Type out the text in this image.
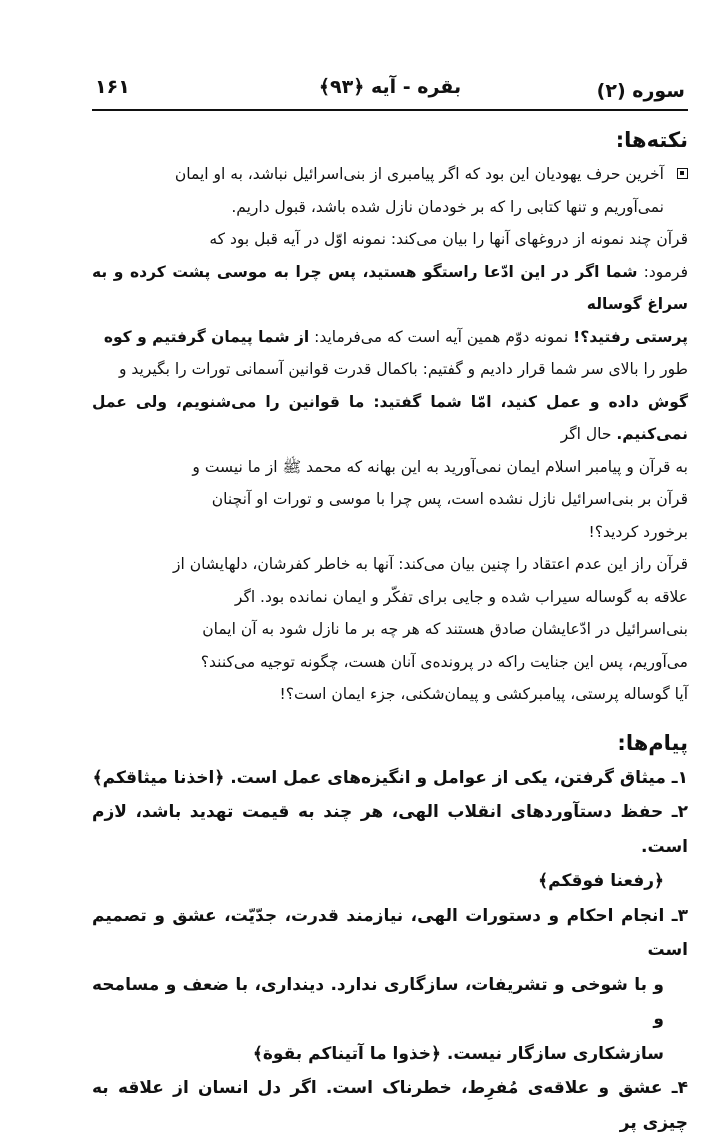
سوره (۲)
بقره - آیه ﴿۹۳﴾
۱۶۱
نکته‌ها:

آخرین حرف یهودیان این بود که اگر پیامبری از بنی‌اسرائیل نباشد، به او ایمان

نمی‌آوریم و تنها کتابی را که بر خودمان نازل شده باشد، قبول داریم.

قرآن چند نمونه از دروغهای آنها را بیان می‌کند: نمونه اوّل در آیه قبل بود که

فرمود: شما اگر در این ادّعا راستگو هستید، پس چرا به موسی پشت کرده و به سراغ گوساله

پرستی رفتید؟! نمونه دوّم همین آیه است که می‌فرماید: از شما پیمان گرفتیم و کوه

طور را بالای سر شما قرار دادیم و گفتیم: باکمال قدرت قوانین آسمانی تورات را بگیرید و

گوش داده و عمل کنید، امّا شما گفتید: ما قوانین را می‌شنویم، ولی عمل نمی‌کنیم. حال اگر

به قرآن و پیامبر اسلام ایمان نمی‌آورید به این بهانه که محمد ﷺ از ما نیست و

قرآن بر بنی‌اسرائیل نازل نشده است، پس چرا با موسی و تورات او آنچنان

برخورد کردید؟!

قرآن راز این عدم اعتقاد را چنین بیان می‌کند: آنها به خاطر کفرشان، دلهایشان از

علاقه به گوساله سیراب شده و جایی برای تفکّر و ایمان نمانده بود. اگر

بنی‌اسرائیل در ادّعایشان صادق هستند که هر چه بر ما نازل شود به آن ایمان

می‌آوریم، پس این جنایت راکه در پرونده‌ی آنان هست، چگونه توجیه می‌کنند؟

آیا گوساله پرستی، پیامبرکشی و پیمان‌شکنی، جزء ایمان است؟!

پیام‌ها:

۱ـ میثاق گرفتن، یکی از عوامل و انگیزه‌های عمل است. ﴿اخذنا میثاقکم﴾

۲ـ حفظ دستآوردهای انقلاب الهی، هر چند به قیمت تهدید باشد، لازم است.

﴿رفعنا فوقکم﴾

۳ـ انجام احکام و دستورات الهی، نیازمند قدرت، جدّیّت، عشق و تصمیم است

و با شوخی و تشریفات، سازگاری ندارد. دینداری، با ضعف و مسامحه و

سازشکاری سازگار نیست. ﴿خذوا ما آتیناکم بقوة﴾

۴ـ عشق و علاقه‌ی مُفرِط، خطرناک است. اگر دل انسان از علاقه به چیزی پر
